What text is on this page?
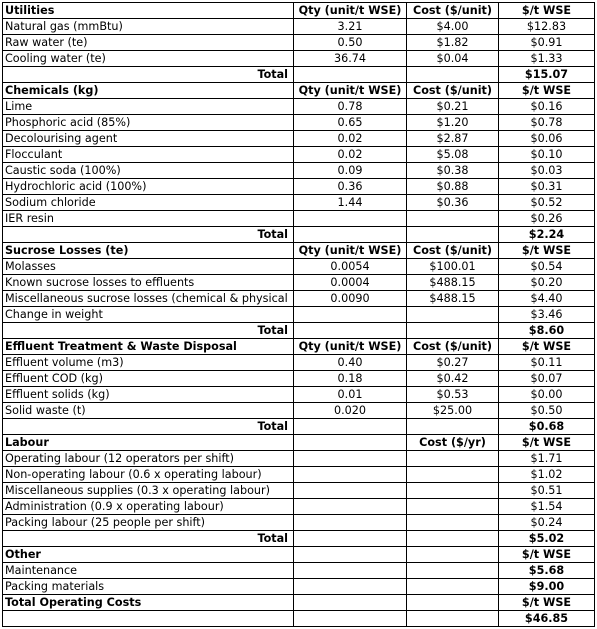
Utilities	Qty (unit/t WSE)	Cost ($/unit)	$/t WSE
Natural gas (mmBtu)	3.21	$4.00	$12.83
Raw water (te)	0.50	$1.82	$0.91
Cooling water (te)	36.74	$0.04	$1.33
Total			$15.07
Chemicals (kg)	Qty (unit/t WSE)	Cost ($/unit)	$/t WSE
Lime	0.78	$0.21	$0.16
Phosphoric acid (85%)	0.65	$1.20	$0.78
Decolourising agent	0.02	$2.87	$0.06
Flocculant	0.02	$5.08	$0.10
Caustic soda (100%)	0.09	$0.38	$0.03
Hydrochloric acid (100%)	0.36	$0.88	$0.31
Sodium chloride	1.44	$0.36	$0.52
IER resin			$0.26
Total			$2.24
Sucrose Losses (te)	Qty (unit/t WSE)	Cost ($/unit)	$/t WSE
Molasses	0.0054	$100.01	$0.54
Known sucrose losses to effluents	0.0004	$488.15	$0.20
Miscellaneous sucrose losses (chemical & physical	0.0090	$488.15	$4.40
Change in weight			$3.46
Total			$8.60
Effluent Treatment & Waste Disposal	Qty (unit/t WSE)	Cost ($/unit)	$/t WSE
Effluent volume (m3)	0.40	$0.27	$0.11
Effluent COD (kg)	0.18	$0.42	$0.07
Effluent solids (kg)	0.01	$0.53	$0.00
Solid waste (t)	0.020	$25.00	$0.50
Total			$0.68
Labour		Cost ($/yr)	$/t WSE
Operating labour (12 operators per shift)			$1.71
Non-operating labour (0.6 x operating labour)			$1.02
Miscellaneous supplies (0.3 x operating labour)			$0.51
Administration (0.9 x operating labour)			$1.54
Packing labour (25 people per shift)			$0.24
Total			$5.02
Other			$/t WSE
Maintenance			$5.68
Packing materials			$9.00
Total Operating Costs			$/t WSE
			$46.85
